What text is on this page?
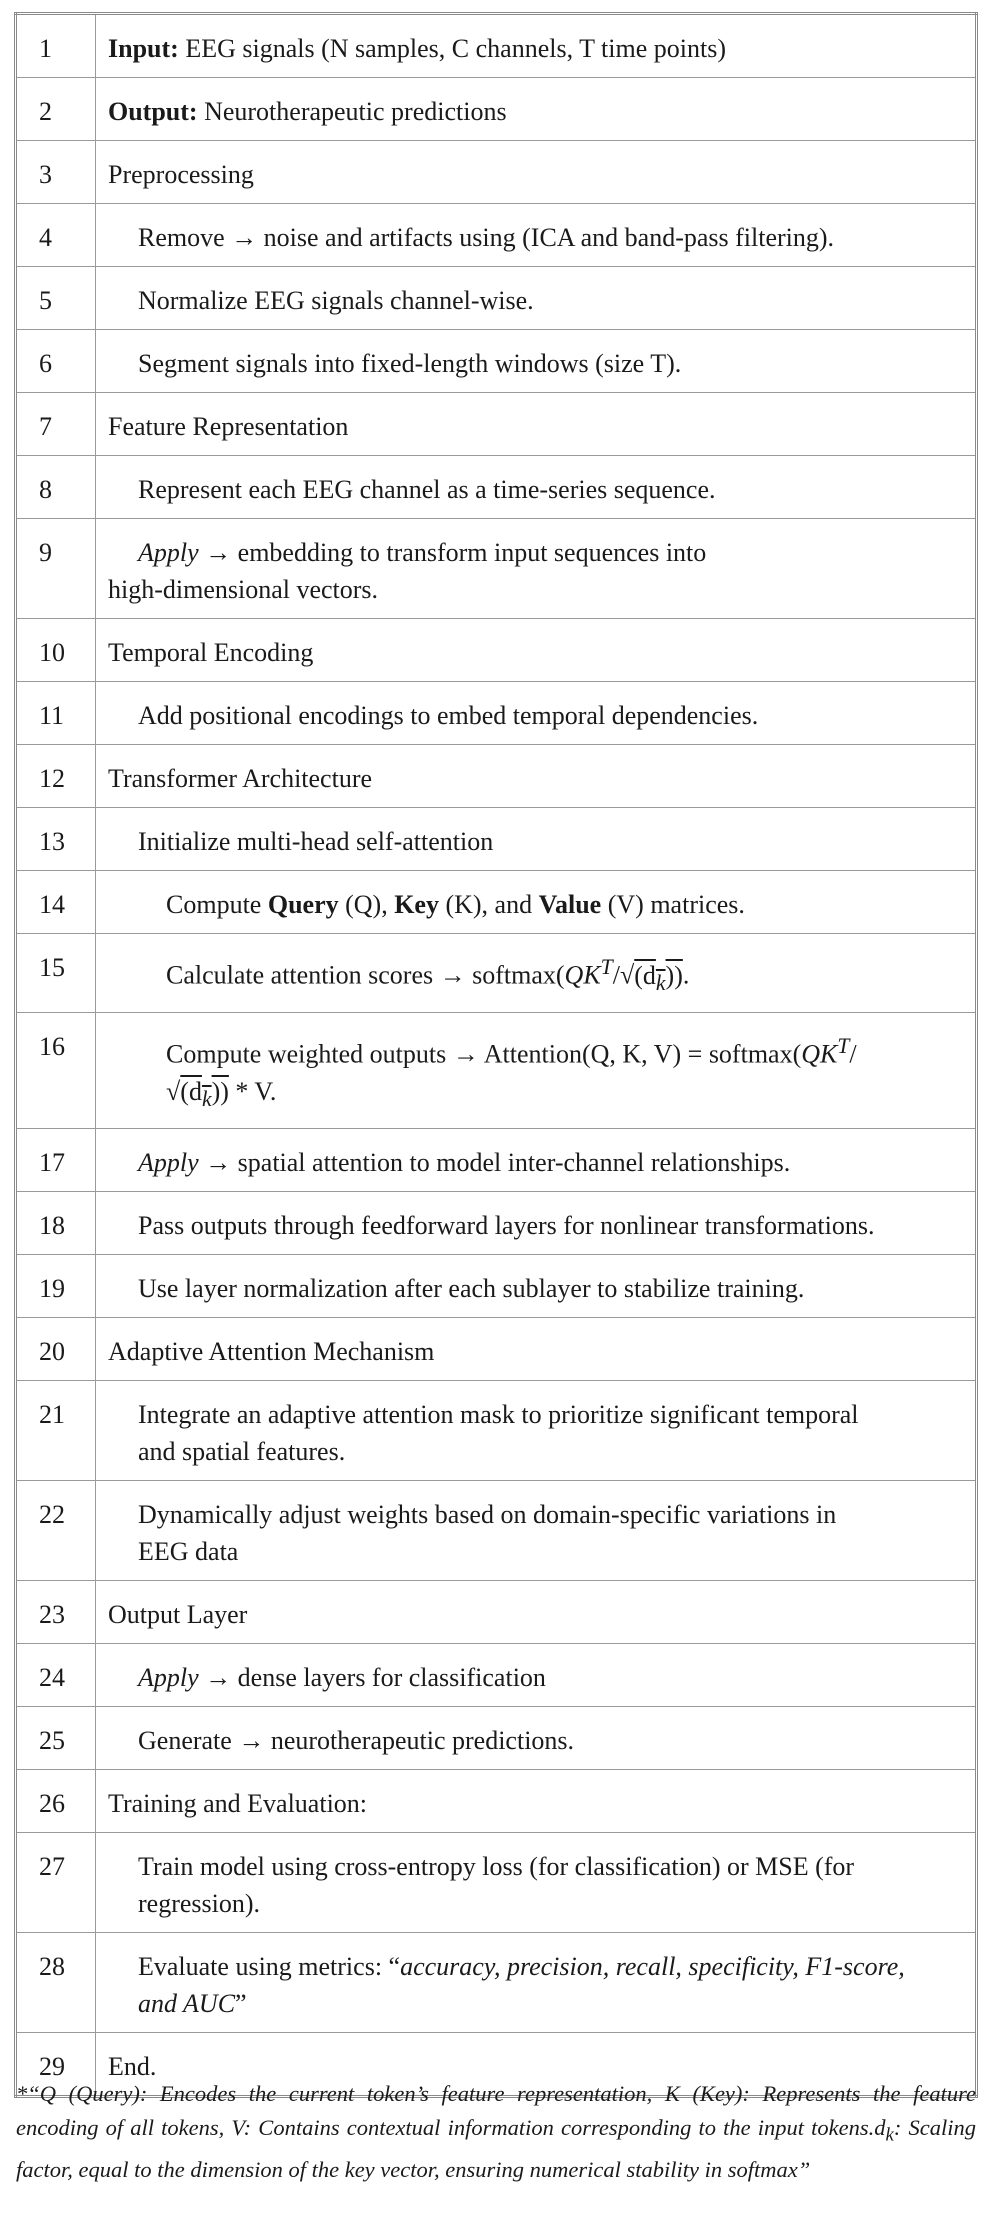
1	Input: EEG signals (N samples, C channels, T time points)
2	Output: Neurotherapeutic predictions
3	Preprocessing
4	Remove → noise and artifacts using (ICA and band-pass filtering).

5	Normalize EEG signals channel-wise.

6	Segment signals into fixed-length windows (size T).

7	Feature Representation
8	Represent each EEG channel as a time-series sequence.

9	Apply → embedding to transform input sequences into
high-dimensional vectors.

10	Temporal Encoding
11	Add positional encodings to embed temporal dependencies.

12	Transformer Architecture
13	Initialize multi-head self-attention

14	Compute Query (Q), Key (K), and Value (V) matrices.

15	Calculate attention scores → $softmax(QK^T/√(d_k))$.

16	Compute weighted outputs → Attention(Q, K, $V) = softmax(QK^T/$
$√(d_k)$) * V.

17	Apply → spatial attention to model inter-channel relationships.

18	Pass outputs through feedforward layers for nonlinear transformations.

19	Use layer normalization after each sublayer to stabilize training.

20	Adaptive Attention Mechanism
21	Integrate an adaptive attention mask to prioritize significant temporal
and spatial features.

22	Dynamically adjust weights based on domain-specific variations in
EEG data

23	Output Layer
24	Apply → dense layers for classification

25	Generate → neurotherapeutic predictions.

26	Training and Evaluation:
27	Train model using cross-entropy loss (for classification) or MSE (for
regression).

28	Evaluate using metrics: “accuracy, precision, recall, specificity, F1-score,
and AUC”

29	End.
*“Q (Query): Encodes the current token’s feature representation, K (Key): Represents the feature encoding of all tokens, V: Contains contextual information corresponding to the input $tokens.d_k$: Scaling factor, equal to the dimension of the key vector, ensuring numerical stability in softmax”
